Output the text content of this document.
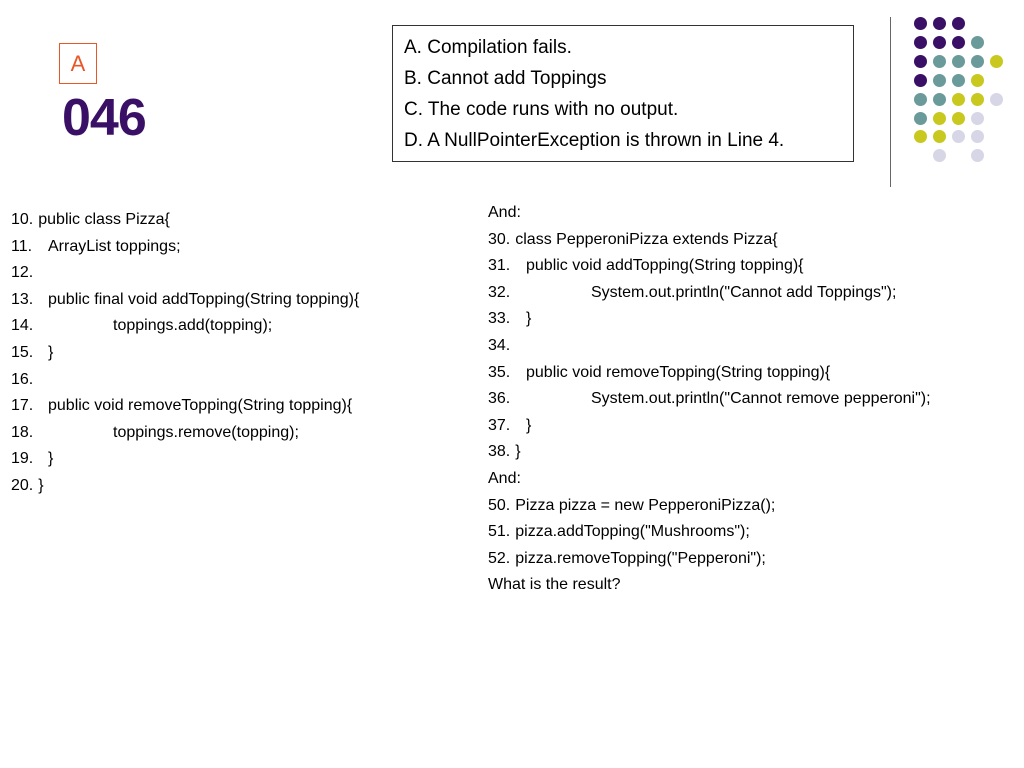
A
046
A. Compilation fails.
B. Cannot add Toppings
C. The code runs with no output.
D. A NullPointerException is thrown in Line 4.
10. public class Pizza{
11. ArrayList toppings;
12.
13. public final void addTopping(String topping){
14.	toppings.add(topping);
15. }
16.
17. public void removeTopping(String topping){
18.	toppings.remove(topping);
19. }
20. }
And:
30. class PepperoniPizza extends Pizza{
31. public void addTopping(String topping){
32.	System.out.println("Cannot add Toppings");
33. }
34.
35. public void removeTopping(String topping){
36.	System.out.println("Cannot remove pepperoni");
37. }
38. }
And:
50. Pizza pizza = new PepperoniPizza();
51. pizza.addTopping("Mushrooms");
52. pizza.removeTopping("Pepperoni");
What is the result?
